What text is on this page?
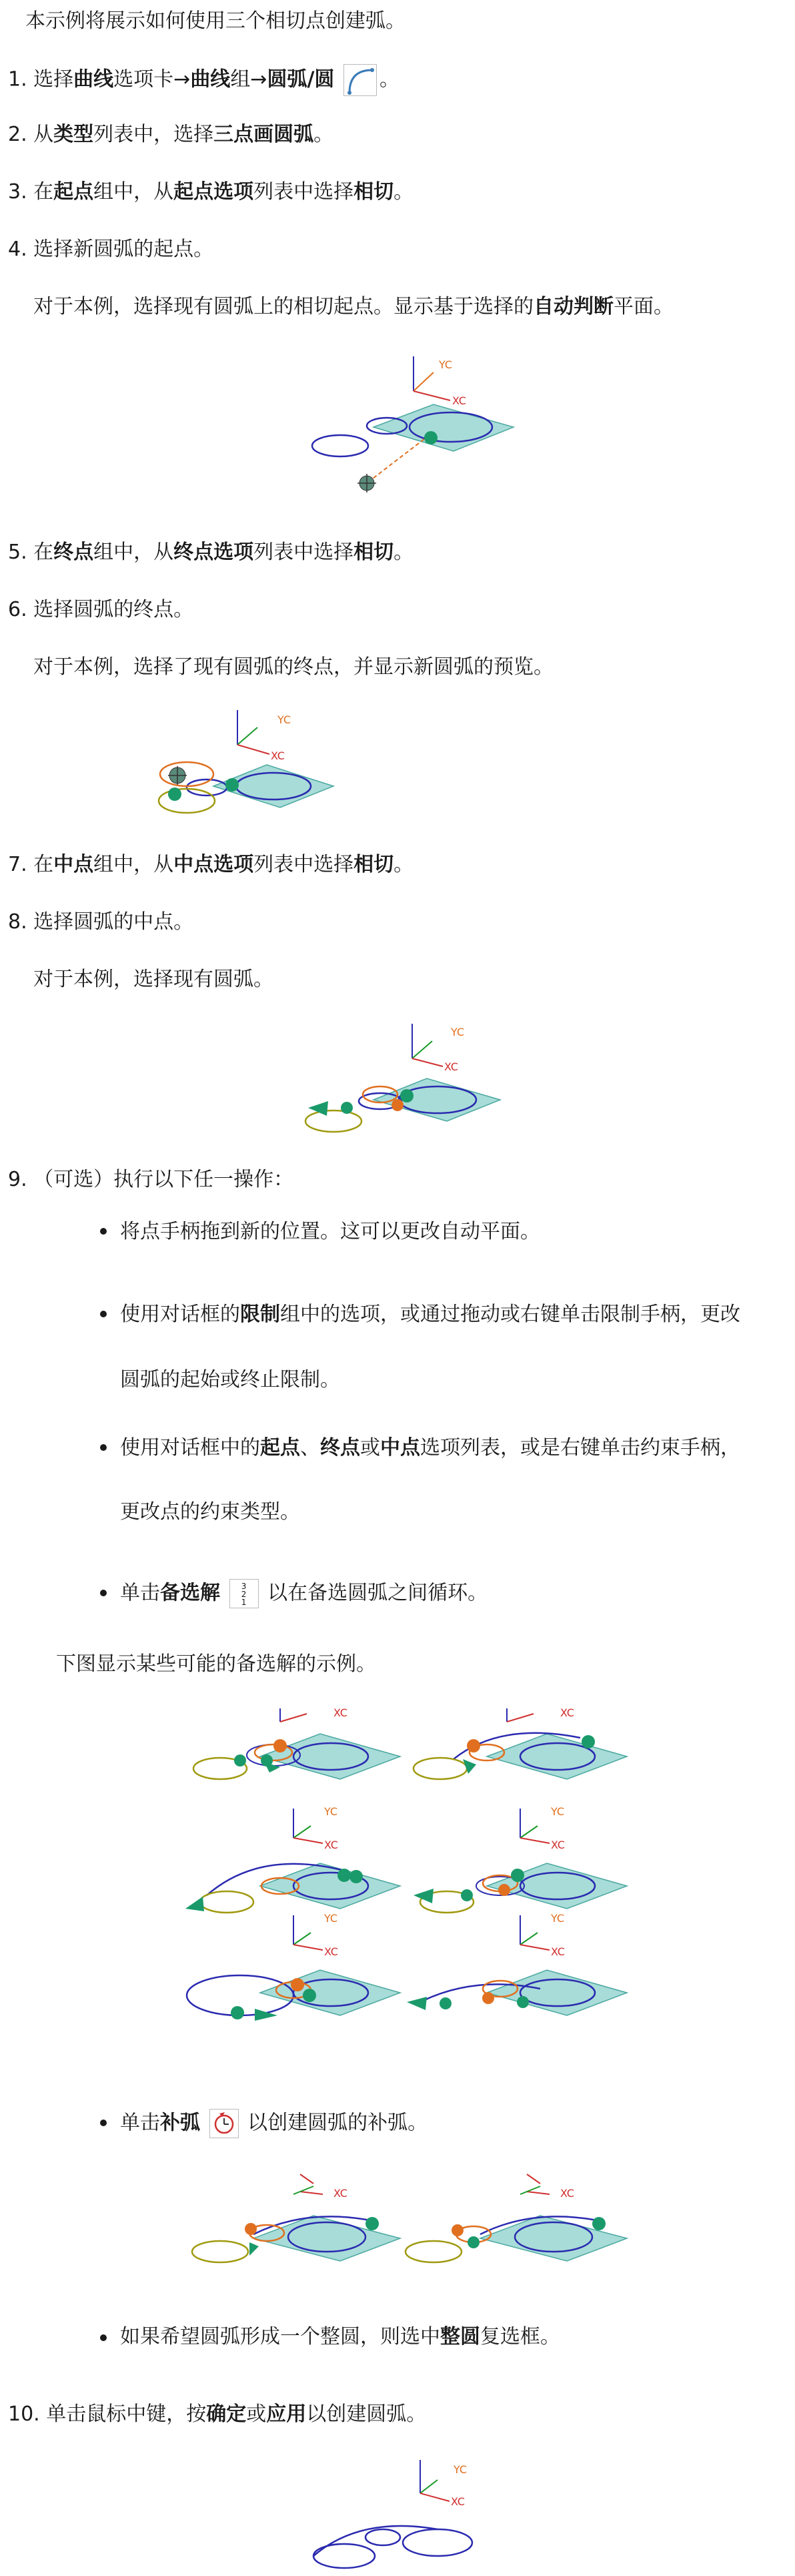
本示例将展示如何使用三个相切点创建弧。
1. 选择曲线选项卡→曲线组→圆弧/圆 。
2. 从类型列表中，选择三点画圆弧。
3. 在起点组中，从起点选项列表中选择相切。
4. 选择新圆弧的起点。
对于本例，选择现有圆弧上的相切起点。显示基于选择的自动判断平面。
YC
XC
5. 在终点组中，从终点选项列表中选择相切。
6. 选择圆弧的终点。
对于本例，选择了现有圆弧的终点，并显示新圆弧的预览。
YC
XC
7. 在中点组中，从中点选项列表中选择相切。
8. 选择圆弧的中点。
对于本例，选择现有圆弧。
YC
XC
9. （可选）执行以下任一操作：
将点手柄拖到新的位置。这可以更改自动平面。
使用对话框的限制组中的选项，或通过拖动或右键单击限制手柄，更改
圆弧的起始或终止限制。
使用对话框中的起点、终点或中点选项列表，或是右键单击约束手柄，
更改点的约束类型。
单击备选解	3
2
1	以在备选圆弧之间循环。
下图显示某些可能的备选解的示例。
XC	XC
YC
XC
YC
XC
YC
XC
YC
XC
单击补弧 以创建圆弧的补弧。
XC	XC
如果希望圆弧形成一个整圆，则选中整圆复选框。
10. 单击鼠标中键，按确定或应用以创建圆弧。
YC
XC
